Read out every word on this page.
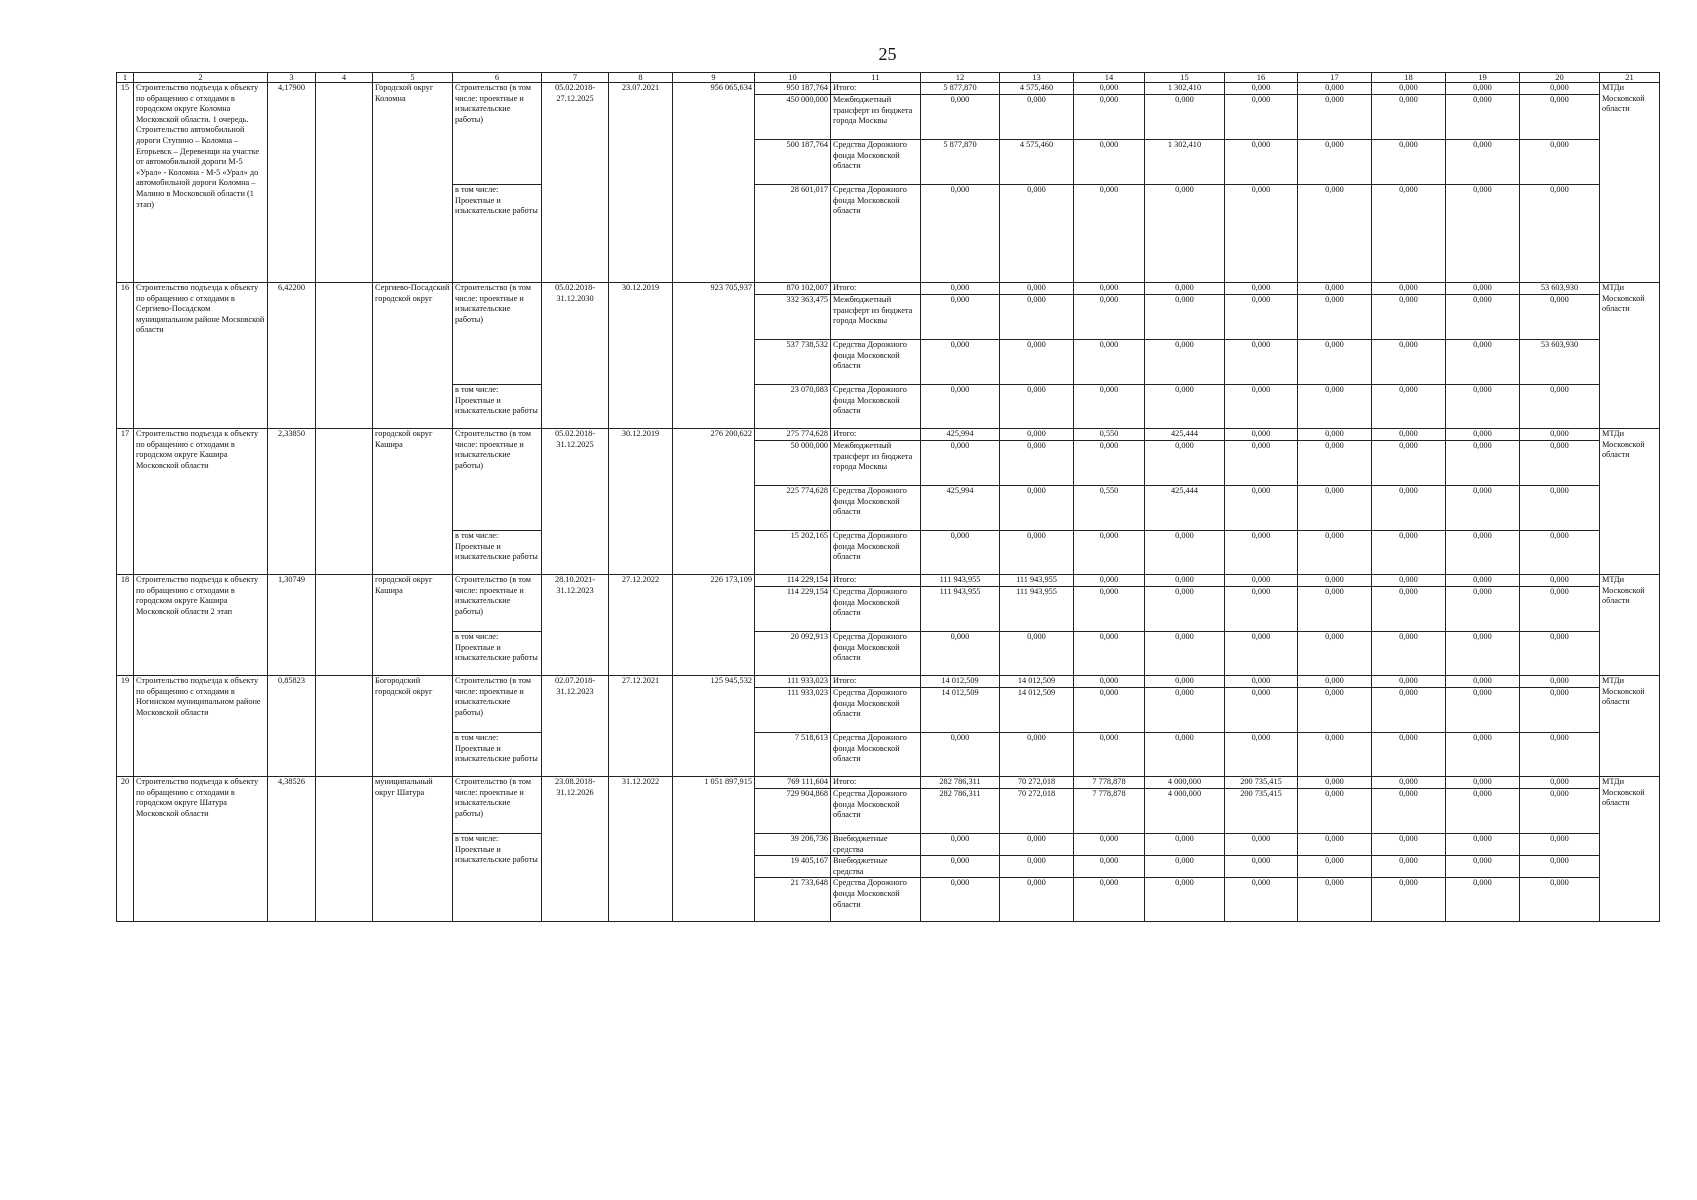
25
1	2	3	4	5	6	7	8	9	10	11	12	13	14	15	16	17	18	19	20	21
15	Строительство подъезда к объекту по обращению с отходами в городском округе Коломна Московской области. 1 очередь. Строительство автомобильной дороги Ступино – Коломна – Егорьевск – Деревенщи на участке от автомобильной дороги М-5 «Урал» - Коломна - М-5 «Урал» до автомобильной дороги Коломна – Малино в Московской области (1 этап)	4,17900		Городской округ Коломна	Строительство (в том числе: проектные и изыскательские работы)	05.02.2018-27.12.2025	23.07.2021	956 065,634	950 187,764	Итого:	5 877,870	4 575,460	0,000	1 302,410	0,000	0,000	0,000	0,000	0,000	МТДи Московской области
									450 000,000	Межбюджетный трансферт из бюджета города Москвы	0,000	0,000	0,000	0,000	0,000	0,000	0,000	0,000	0,000	
									500 187,764	Средства Дорожного фонда Московской области	5 877,870	4 575,460	0,000	1 302,410	0,000	0,000	0,000	0,000	0,000	
					в том числе: Проектные и изыскательские работы				28 601,017	Средства Дорожного фонда Московской области	0,000	0,000	0,000	0,000	0,000	0,000	0,000	0,000	0,000	
16	Строительство подъезда к объекту по обращению с отходами в Сергиево-Посадском муниципальном районе Московской области	6,42200		Сергиево-Посадский городской округ	Строительство (в том числе: проектные и изыскательские работы)	05.02.2018-31.12.2030	30.12.2019	923 705,937	870 102,007	Итого:	0,000	0,000	0,000	0,000	0,000	0,000	0,000	0,000	53 603,930	МТДи Московской области
									332 363,475	Межбюджетный трансферт из бюджета города Москвы	0,000	0,000	0,000	0,000	0,000	0,000	0,000	0,000	0,000	
									537 738,532	Средства Дорожного фонда Московской области	0,000	0,000	0,000	0,000	0,000	0,000	0,000	0,000	53 603,930	
					в том числе: Проектные и изыскательские работы				23 070,083	Средства Дорожного фонда Московской области	0,000	0,000	0,000	0,000	0,000	0,000	0,000	0,000	0,000	
17	Строительство подъезда к объекту по обращению с отходами в городском округе Кашира Московской области	2,33850		городской округ Кашира	Строительство (в том числе: проектные и изыскательские работы)	05.02.2018-31.12.2025	30.12.2019	276 200,622	275 774,628	Итого:	425,994	0,000	0,550	425,444	0,000	0,000	0,000	0,000	0,000	МТДи Московской области
									50 000,000	Межбюджетный трансферт из бюджета города Москвы	0,000	0,000	0,000	0,000	0,000	0,000	0,000	0,000	0,000	
									225 774,628	Средства Дорожного фонда Московской области	425,994	0,000	0,550	425,444	0,000	0,000	0,000	0,000	0,000	
					в том числе: Проектные и изыскательские работы				15 202,165	Средства Дорожного фонда Московской области	0,000	0,000	0,000	0,000	0,000	0,000	0,000	0,000	0,000	
18	Строительство подъезда к объекту по обращению с отходами в городском округе Кашира Московской области 2 этап	1,30749		городской округ Кашира	Строительство (в том числе: проектные и изыскательские работы)	28.10.2021-31.12.2023	27.12.2022	226 173,109	114 229,154	Итого:	111 943,955	111 943,955	0,000	0,000	0,000	0,000	0,000	0,000	0,000	МТДи Московской области
									114 229,154	Средства Дорожного фонда Московской области	111 943,955	111 943,955	0,000	0,000	0,000	0,000	0,000	0,000	0,000	
					в том числе: Проектные и изыскательские работы				20 092,913	Средства Дорожного фонда Московской области	0,000	0,000	0,000	0,000	0,000	0,000	0,000	0,000	0,000	
19	Строительство подъезда к объекту по обращению с отходами в Ногинском муниципальном районе Московской области	0,85823		Богородский городской округ	Строительство (в том числе: проектные и изыскательские работы)	02.07.2018-31.12.2023	27.12.2021	125 945,532	111 933,023	Итого:	14 012,509	14 012,509	0,000	0,000	0,000	0,000	0,000	0,000	0,000	МТДи Московской области
									111 933,023	Средства Дорожного фонда Московской области	14 012,509	14 012,509	0,000	0,000	0,000	0,000	0,000	0,000	0,000	
					в том числе: Проектные и изыскательские работы				7 518,613	Средства Дорожного фонда Московской области	0,000	0,000	0,000	0,000	0,000	0,000	0,000	0,000	0,000	
20	Строительство подъезда к объекту по обращению с отходами в городском округе Шатура Московской области	4,38526		муниципальный округ Шатура	Строительство (в том числе: проектные и изыскательские работы)	23.08.2018-31.12.2026	31.12.2022	1 051 897,915	769 111,604	Итого:	282 786,311	70 272,018	7 778,878	4 000,000	200 735,415	0,000	0,000	0,000	0,000	МТДи Московской области
									729 904,868	Средства Дорожного фонда Московской области	282 786,311	70 272,018	7 778,878	4 000,000	200 735,415	0,000	0,000	0,000	0,000	
					в том числе: Проектные и изыскательские работы				39 206,736	Внебюджетные средства	0,000	0,000	0,000	0,000	0,000	0,000	0,000	0,000	0,000	
									19 405,167	Внебюджетные средства	0,000	0,000	0,000	0,000	0,000	0,000	0,000	0,000	0,000	
									21 733,648	Средства Дорожного фонда Московской области	0,000	0,000	0,000	0,000	0,000	0,000	0,000	0,000	0,000	
